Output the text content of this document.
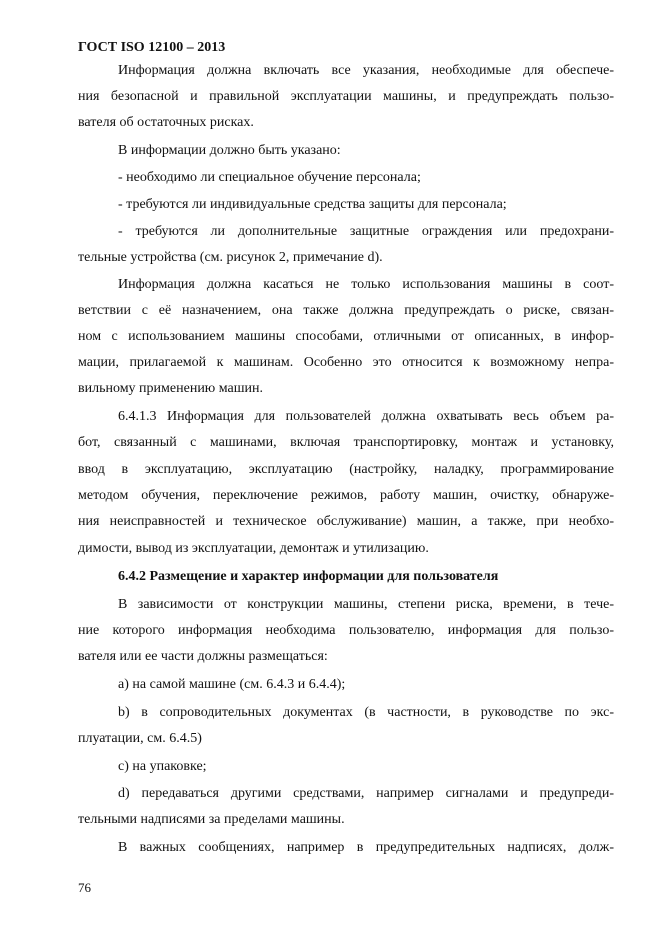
ГОСТ ISO 12100 – 2013
Информация должна включать все указания, необходимые для обеспече-
ния безопасной и правильной эксплуатации машины, и предупреждать пользо-
вателя об остаточных рисках.
В информации должно быть указано:
- необходимо ли специальное обучение персонала;
- требуются ли индивидуальные средства защиты для персонала;
- требуются ли дополнительные защитные ограждения или предохрани-
тельные устройства (см. рисунок 2, примечание d).
Информация должна касаться не только использования машины в соот-
ветствии с её назначением, она также должна предупреждать о риске, связан-
ном с использованием машины способами, отличными от описанных, в инфор-
мации, прилагаемой к машинам. Особенно это относится к возможному непра-
вильному применению машин.
6.4.1.3 Информация для пользователей должна охватывать весь объем ра-
бот, связанный с машинами, включая транспортировку, монтаж и установку,
ввод в эксплуатацию, эксплуатацию (настройку, наладку, программирование
методом обучения, переключение режимов, работу машин, очистку, обнаруже-
ния неисправностей и техническое обслуживание) машин, а также, при необхо-
димости, вывод из эксплуатации, демонтаж и утилизацию.
6.4.2 Размещение и характер информации для пользователя
В зависимости от конструкции машины, степени риска, времени, в тече-
ние которого информация необходима пользователю, информация для пользо-
вателя или ее части должны размещаться:
а) на самой машине (см. 6.4.3 и 6.4.4);
b) в сопроводительных документах (в частности, в руководстве по экс-
плуатации, см. 6.4.5)
c) на упаковке;
d) передаваться другими средствами, например сигналами и предупреди-
тельными надписями за пределами машины.
В важных сообщениях, например в предупредительных надписях, долж-
76
